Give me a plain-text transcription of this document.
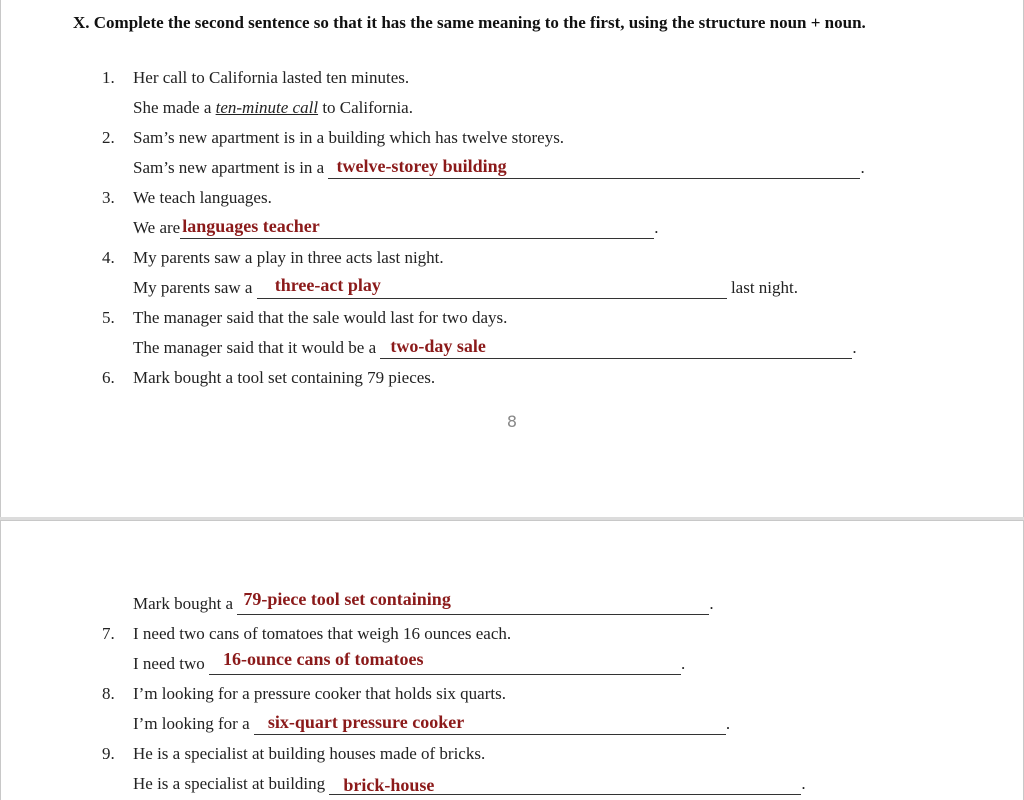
X. Complete the second sentence so that it has the same meaning to the first, using the structure noun + noun.
1. Her call to California lasted ten minutes.
She made a ten-minute call to California.
2. Sam’s new apartment is in a building which has twelve storeys.
Sam’s new apartment is in a twelve-storey building	.
3. We teach languages.
We are languages teacher	.
4. My parents saw a play in three acts last night.
My parents saw a three-act play	last night.
5. The manager said that the sale would last for two days.
The manager said that it would be a two-day sale	.
6. Mark bought a tool set containing 79 pieces.
8
Mark bought a 79-piece tool set containing	.
7. I need two cans of tomatoes that weigh 16 ounces each.
I need two 16-ounce cans of tomatoes	.
8. I’m looking for a pressure cooker that holds six quarts.
I’m looking for a six-quart pressure cooker	.
9. He is a specialist at building houses made of bricks.
He is a specialist at building brick-house	.
